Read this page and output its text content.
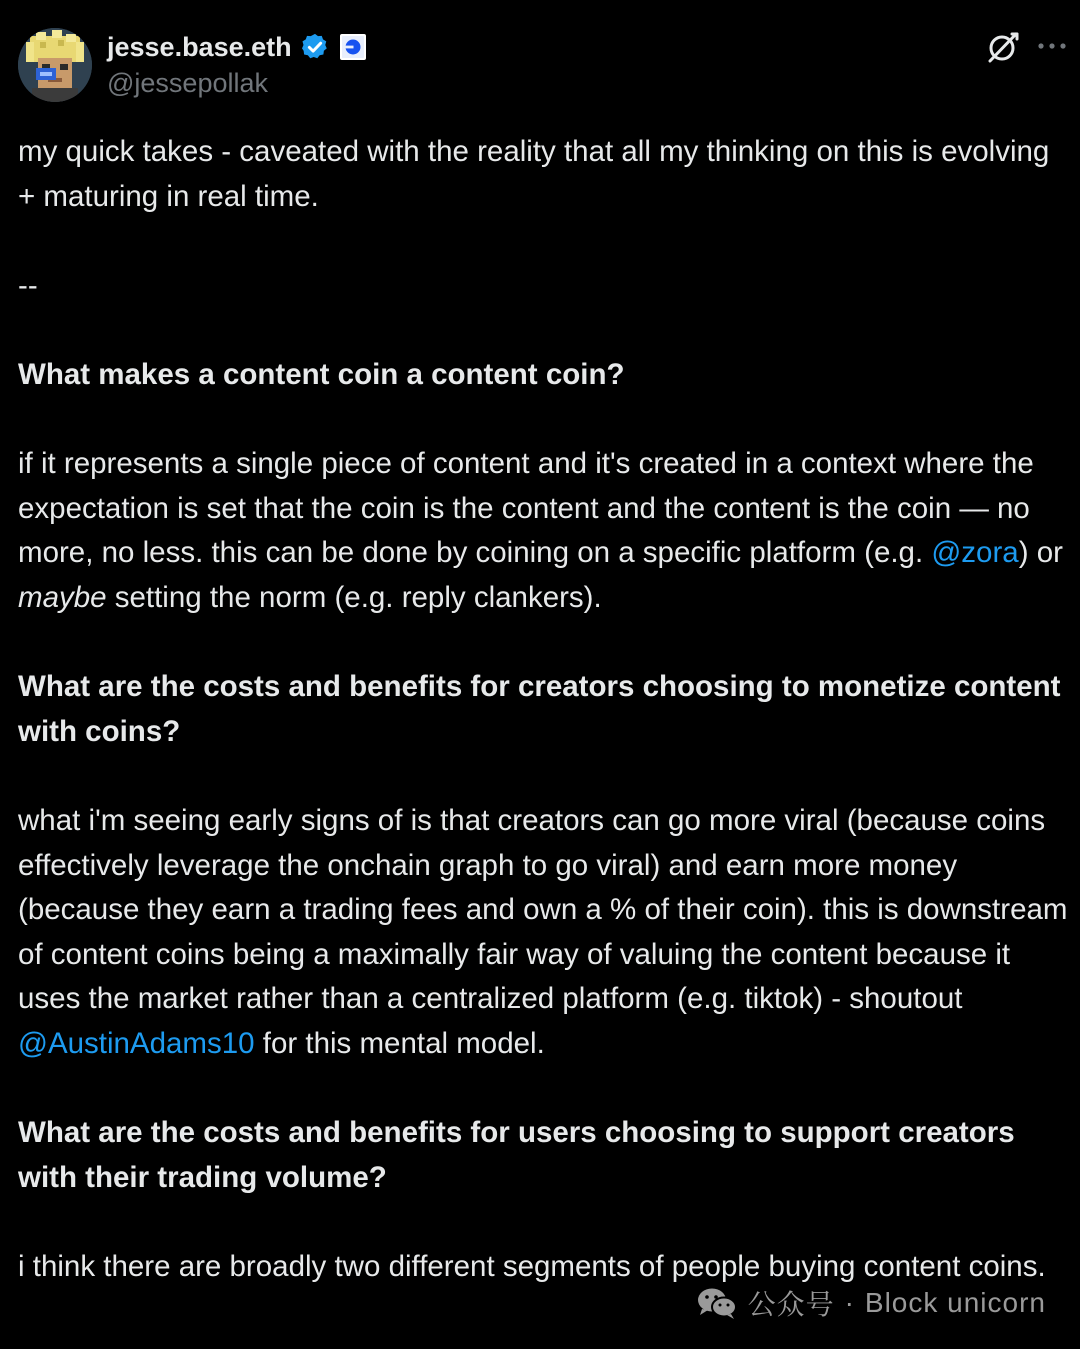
jesse.base.eth
@jessepollak

my quick takes - caveated with the reality that all my thinking on this is evolving + maturing in real time.

--

What makes a content coin a content coin?

if it represents a single piece of content and it's created in a context where the expectation is set that the coin is the content and the content is the coin — no more, no less. this can be done by coining on a specific platform (e.g. @zora) or maybe setting the norm (e.g. reply clankers).

What are the costs and benefits for creators choosing to monetize content with coins?

what i'm seeing early signs of is that creators can go more viral (because coins effectively leverage the onchain graph to go viral) and earn more money (because they earn a trading fees and own a % of their coin). this is downstream of content coins being a maximally fair way of valuing the content because it uses the market rather than a centralized platform (e.g. tiktok) - shoutout @AustinAdams10 for this mental model.

What are the costs and benefits for users choosing to support creators with their trading volume?

i think there are broadly two different segments of people buying content coins.

公众号 · Block unicorn
